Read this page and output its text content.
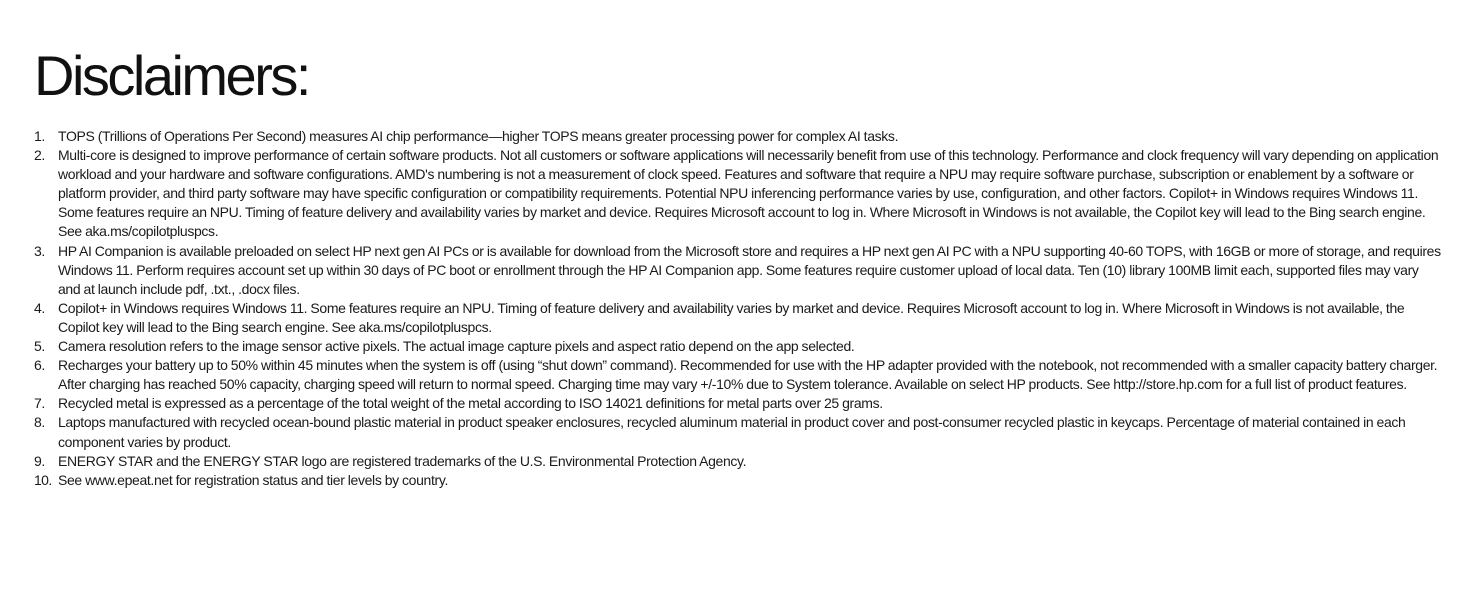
Disclaimers:
1. TOPS (Trillions of Operations Per Second) measures AI chip performance—higher TOPS means greater processing power for complex AI tasks.
2. Multi-core is designed to improve performance of certain software products. Not all customers or software applications will necessarily benefit from use of this technology. Performance and clock frequency will vary depending on application workload and your hardware and software configurations. AMD's numbering is not a measurement of clock speed. Features and software that require a NPU may require software purchase, subscription or enablement by a software or platform provider, and third party software may have specific configuration or compatibility requirements. Potential NPU inferencing performance varies by use, configuration, and other factors. Copilot+ in Windows requires Windows 11. Some features require an NPU. Timing of feature delivery and availability varies by market and device. Requires Microsoft account to log in. Where Microsoft in Windows is not available, the Copilot key will lead to the Bing search engine. See aka.ms/copilotpluspcs.
3. HP AI Companion is available preloaded on select HP next gen AI PCs or is available for download from the Microsoft store and requires a HP next gen AI PC with a NPU supporting 40-60 TOPS, with 16GB or more of storage, and requires Windows 11. Perform requires account set up within 30 days of PC boot or enrollment through the HP AI Companion app. Some features require customer upload of local data. Ten (10) library 100MB limit each, supported files may vary and at launch include pdf, .txt., .docx files.
4. Copilot+ in Windows requires Windows 11. Some features require an NPU. Timing of feature delivery and availability varies by market and device. Requires Microsoft account to log in. Where Microsoft in Windows is not available, the Copilot key will lead to the Bing search engine. See aka.ms/copilotpluspcs.
5. Camera resolution refers to the image sensor active pixels. The actual image capture pixels and aspect ratio depend on the app selected.
6. Recharges your battery up to 50% within 45 minutes when the system is off (using “shut down” command). Recommended for use with the HP adapter provided with the notebook, not recommended with a smaller capacity battery charger. After charging has reached 50% capacity, charging speed will return to normal speed. Charging time may vary +/-10% due to System tolerance. Available on select HP products. See http://store.hp.com for a full list of product features.
7. Recycled metal is expressed as a percentage of the total weight of the metal according to ISO 14021 definitions for metal parts over 25 grams.
8. Laptops manufactured with recycled ocean-bound plastic material in product speaker enclosures, recycled aluminum material in product cover and post-consumer recycled plastic in keycaps. Percentage of material contained in each component varies by product.
9. ENERGY STAR and the ENERGY STAR logo are registered trademarks of the U.S. Environmental Protection Agency.
10. See www.epeat.net for registration status and tier levels by country.
